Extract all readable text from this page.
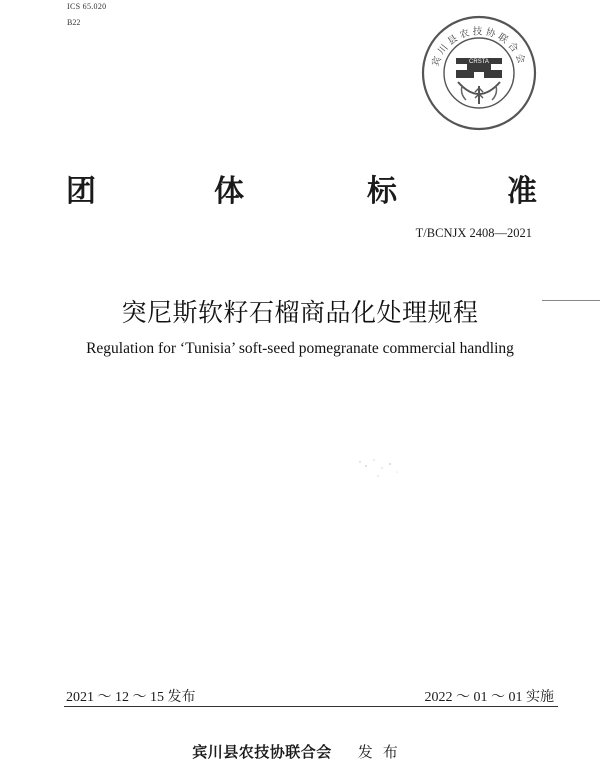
ICS 65.020
B22
宾川县农技协联合会
CRSTA
团	体	标	准
T/BCNJX 2408—2021
突尼斯软籽石榴商品化处理规程
Regulation for ‘Tunisia’ soft-seed pomegranate commercial handling
2021 ～ 12 ～ 15 发布	2022 ～ 01 ～ 01 实施
宾川县农技协联合会 发布
